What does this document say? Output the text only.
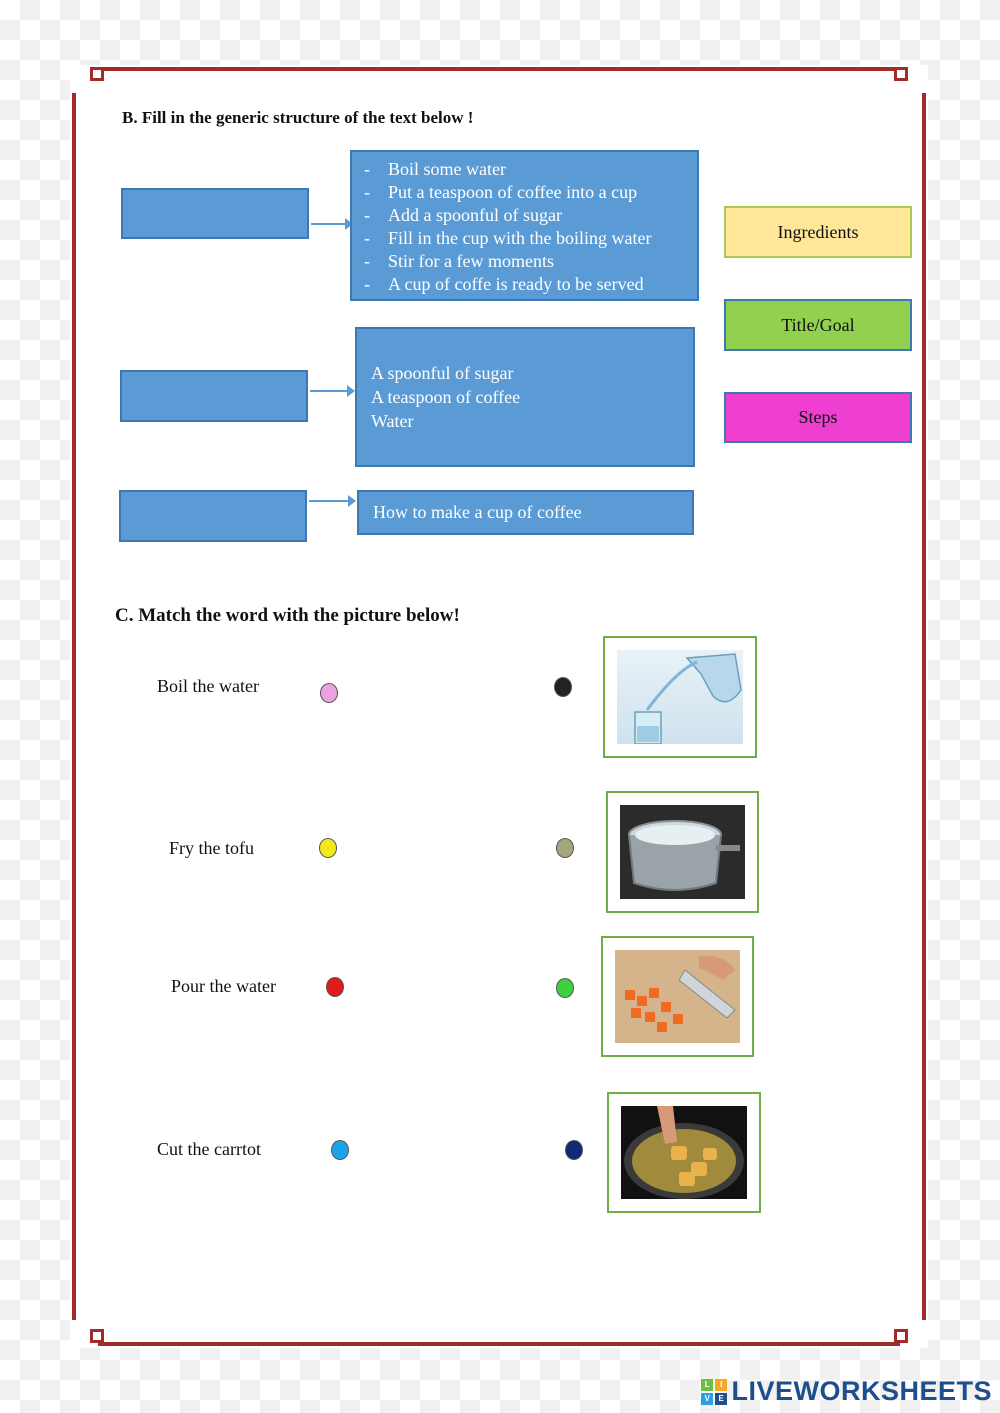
B. Fill in the generic structure of the text below !
- Boil some water
- Put a teaspoon of coffee into a cup
- Add a spoonful of sugar
- Fill in the cup with the boiling water
- Stir for a few moments
- A cup of coffe is ready to be served
A spoonful of sugar
A teaspoon of coffee
Water
How to make a cup of coffee
Ingredients
Title/Goal
Steps
C. Match the word with the picture below!
Boil the water
Fry the tofu
Pour the water
Cut the carrtot
L	I
V	E LIVEWORKSHEETS
